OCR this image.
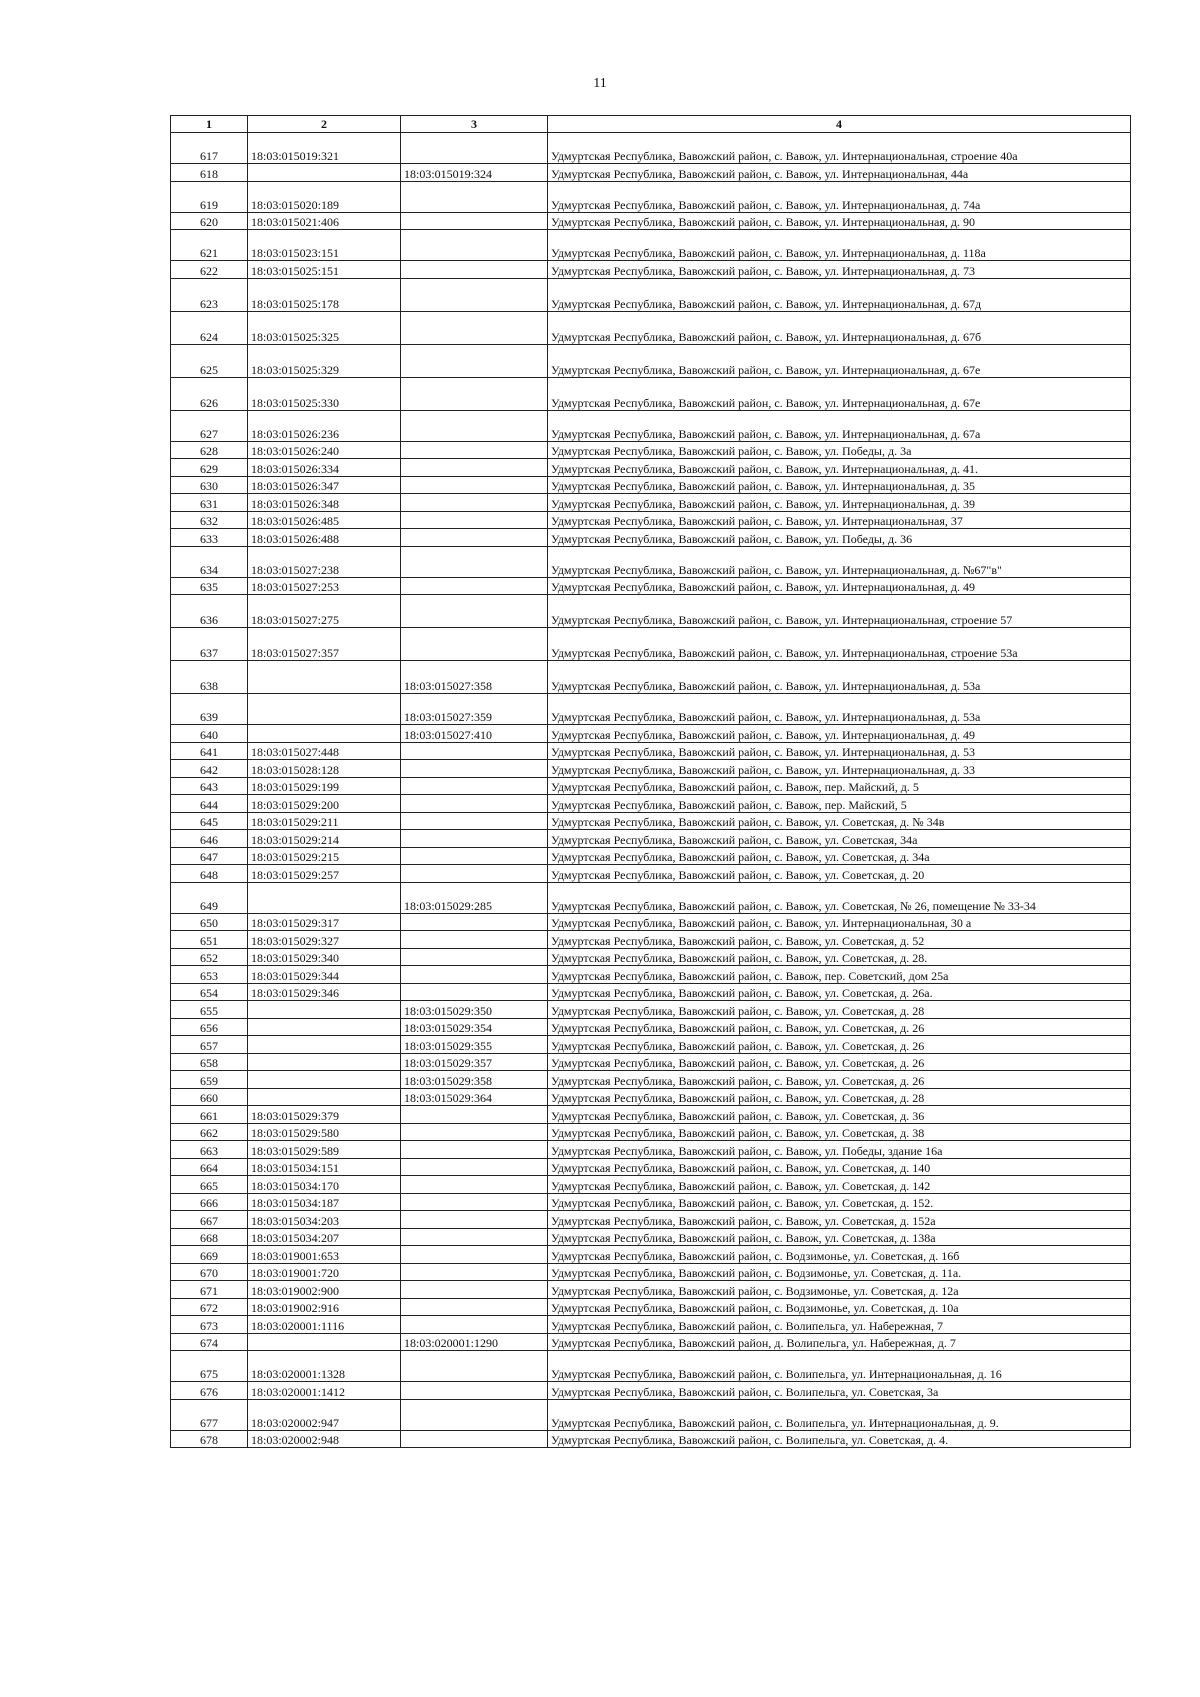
11
1	2	3	4
617	18:03:015019:321		Удмуртская Республика, Вавожский район, с. Вавож, ул. Интернациональная, строение 40а
618		18:03:015019:324	Удмуртская Республика, Вавожский район, с. Вавож, ул. Интернациональная, 44а
619	18:03:015020:189		Удмуртская Республика, Вавожский район, с. Вавож, ул. Интернациональная, д. 74а
620	18:03:015021:406		Удмуртская Республика, Вавожский район, с. Вавож, ул. Интернациональная, д. 90
621	18:03:015023:151		Удмуртская Республика, Вавожский район, с. Вавож, ул. Интернациональная, д. 118а
622	18:03:015025:151		Удмуртская Республика, Вавожский район, с. Вавож, ул. Интернациональная, д. 73
623	18:03:015025:178		Удмуртская Республика, Вавожский район, с. Вавож, ул. Интернациональная, д. 67д
624	18:03:015025:325		Удмуртская Республика, Вавожский район, с. Вавож, ул. Интернациональная, д. 67б
625	18:03:015025:329		Удмуртская Республика, Вавожский район, с. Вавож, ул. Интернациональная, д. 67е
626	18:03:015025:330		Удмуртская Республика, Вавожский район, с. Вавож, ул. Интернациональная, д. 67е
627	18:03:015026:236		Удмуртская Республика, Вавожский район, с. Вавож, ул. Интернациональная, д. 67а
628	18:03:015026:240		Удмуртская Республика, Вавожский район, с. Вавож, ул. Победы, д. 3а
629	18:03:015026:334		Удмуртская Республика, Вавожский район, с. Вавож, ул. Интернациональная, д. 41.
630	18:03:015026:347		Удмуртская Республика, Вавожский район, с. Вавож, ул. Интернациональная, д. 35
631	18:03:015026:348		Удмуртская Республика, Вавожский район, с. Вавож, ул. Интернациональная, д. 39
632	18:03:015026:485		Удмуртская Республика, Вавожский район, с. Вавож, ул. Интернациональная, 37
633	18:03:015026:488		Удмуртская Республика, Вавожский район, с. Вавож, ул. Победы, д. 36
634	18:03:015027:238		Удмуртская Республика, Вавожский район, с. Вавож, ул. Интернациональная, д. №67"в"
635	18:03:015027:253		Удмуртская Республика, Вавожский район, с. Вавож, ул. Интернациональная, д. 49
636	18:03:015027:275		Удмуртская Республика, Вавожский район, с. Вавож, ул. Интернациональная, строение 57
637	18:03:015027:357		Удмуртская Республика, Вавожский район, с. Вавож, ул. Интернациональная, строение 53а
638		18:03:015027:358	Удмуртская Республика, Вавожский район, с. Вавож, ул. Интернациональная, д. 53а
639		18:03:015027:359	Удмуртская Республика, Вавожский район, с. Вавож, ул. Интернациональная, д. 53а
640		18:03:015027:410	Удмуртская Республика, Вавожский район, с. Вавож, ул. Интернациональная, д. 49
641	18:03:015027:448		Удмуртская Республика, Вавожский район, с. Вавож, ул. Интернациональная, д. 53
642	18:03:015028:128		Удмуртская Республика, Вавожский район, с. Вавож, ул. Интернациональная, д. 33
643	18:03:015029:199		Удмуртская Республика, Вавожский район, с. Вавож, пер. Майский, д. 5
644	18:03:015029:200		Удмуртская Республика, Вавожский район, с. Вавож, пер. Майский, 5
645	18:03:015029:211		Удмуртская Республика, Вавожский район, с. Вавож, ул. Советская, д. № 34в
646	18:03:015029:214		Удмуртская Республика, Вавожский район, с. Вавож, ул. Советская, 34а
647	18:03:015029:215		Удмуртская Республика, Вавожский район, с. Вавож, ул. Советская, д. 34а
648	18:03:015029:257		Удмуртская Республика, Вавожский район, с. Вавож, ул. Советская, д. 20
649		18:03:015029:285	Удмуртская Республика, Вавожский район, с. Вавож, ул. Советская, № 26, помещение № 33-34
650	18:03:015029:317		Удмуртская Республика, Вавожский район, с. Вавож, ул. Интернациональная, 30 а
651	18:03:015029:327		Удмуртская Республика, Вавожский район, с. Вавож, ул. Советская, д. 52
652	18:03:015029:340		Удмуртская Республика, Вавожский район, с. Вавож, ул. Советская, д. 28.
653	18:03:015029:344		Удмуртская Республика, Вавожский район, с. Вавож, пер. Советский, дом 25а
654	18:03:015029:346		Удмуртская Республика, Вавожский район, с. Вавож, ул. Советская, д. 26а.
655		18:03:015029:350	Удмуртская Республика, Вавожский район, с. Вавож, ул. Советская, д. 28
656		18:03:015029:354	Удмуртская Республика, Вавожский район, с. Вавож, ул. Советская, д. 26
657		18:03:015029:355	Удмуртская Республика, Вавожский район, с. Вавож, ул. Советская, д. 26
658		18:03:015029:357	Удмуртская Республика, Вавожский район, с. Вавож, ул. Советская, д. 26
659		18:03:015029:358	Удмуртская Республика, Вавожский район, с. Вавож, ул. Советская, д. 26
660		18:03:015029:364	Удмуртская Республика, Вавожский район, с. Вавож, ул. Советская, д. 28
661	18:03:015029:379		Удмуртская Республика, Вавожский район, с. Вавож, ул. Советская, д. 36
662	18:03:015029:580		Удмуртская Республика, Вавожский район, с. Вавож, ул. Советская, д. 38
663	18:03:015029:589		Удмуртская Республика, Вавожский район, с. Вавож, ул. Победы, здание 16а
664	18:03:015034:151		Удмуртская Республика, Вавожский район, с. Вавож, ул. Советская, д. 140
665	18:03:015034:170		Удмуртская Республика, Вавожский район, с. Вавож, ул. Советская, д. 142
666	18:03:015034:187		Удмуртская Республика, Вавожский район, с. Вавож, ул. Советская, д. 152.
667	18:03:015034:203		Удмуртская Республика, Вавожский район, с. Вавож, ул. Советская, д. 152а
668	18:03:015034:207		Удмуртская Республика, Вавожский район, с. Вавож, ул. Советская, д. 138а
669	18:03:019001:653		Удмуртская Республика, Вавожский район, с. Водзимонье, ул. Советская, д. 16б
670	18:03:019001:720		Удмуртская Республика, Вавожский район, с. Водзимонье, ул. Советская, д. 11а.
671	18:03:019002:900		Удмуртская Республика, Вавожский район, с. Водзимонье, ул. Советская, д. 12а
672	18:03:019002:916		Удмуртская Республика, Вавожский район, с. Водзимонье, ул. Советская, д. 10а
673	18:03:020001:1116		Удмуртская Республика, Вавожский район, с. Волипельга, ул. Набережная, 7
674		18:03:020001:1290	Удмуртская Республика, Вавожский район, д. Волипельга, ул. Набережная, д. 7
675	18:03:020001:1328		Удмуртская Республика, Вавожский район, с. Волипельга, ул. Интернациональная, д. 16
676	18:03:020001:1412		Удмуртская Республика, Вавожский район, с. Волипельга, ул. Советская, 3а
677	18:03:020002:947		Удмуртская Республика, Вавожский район, с. Волипельга, ул. Интернациональная, д. 9.
678	18:03:020002:948		Удмуртская Республика, Вавожский район, с. Волипельга, ул. Советская, д. 4.
